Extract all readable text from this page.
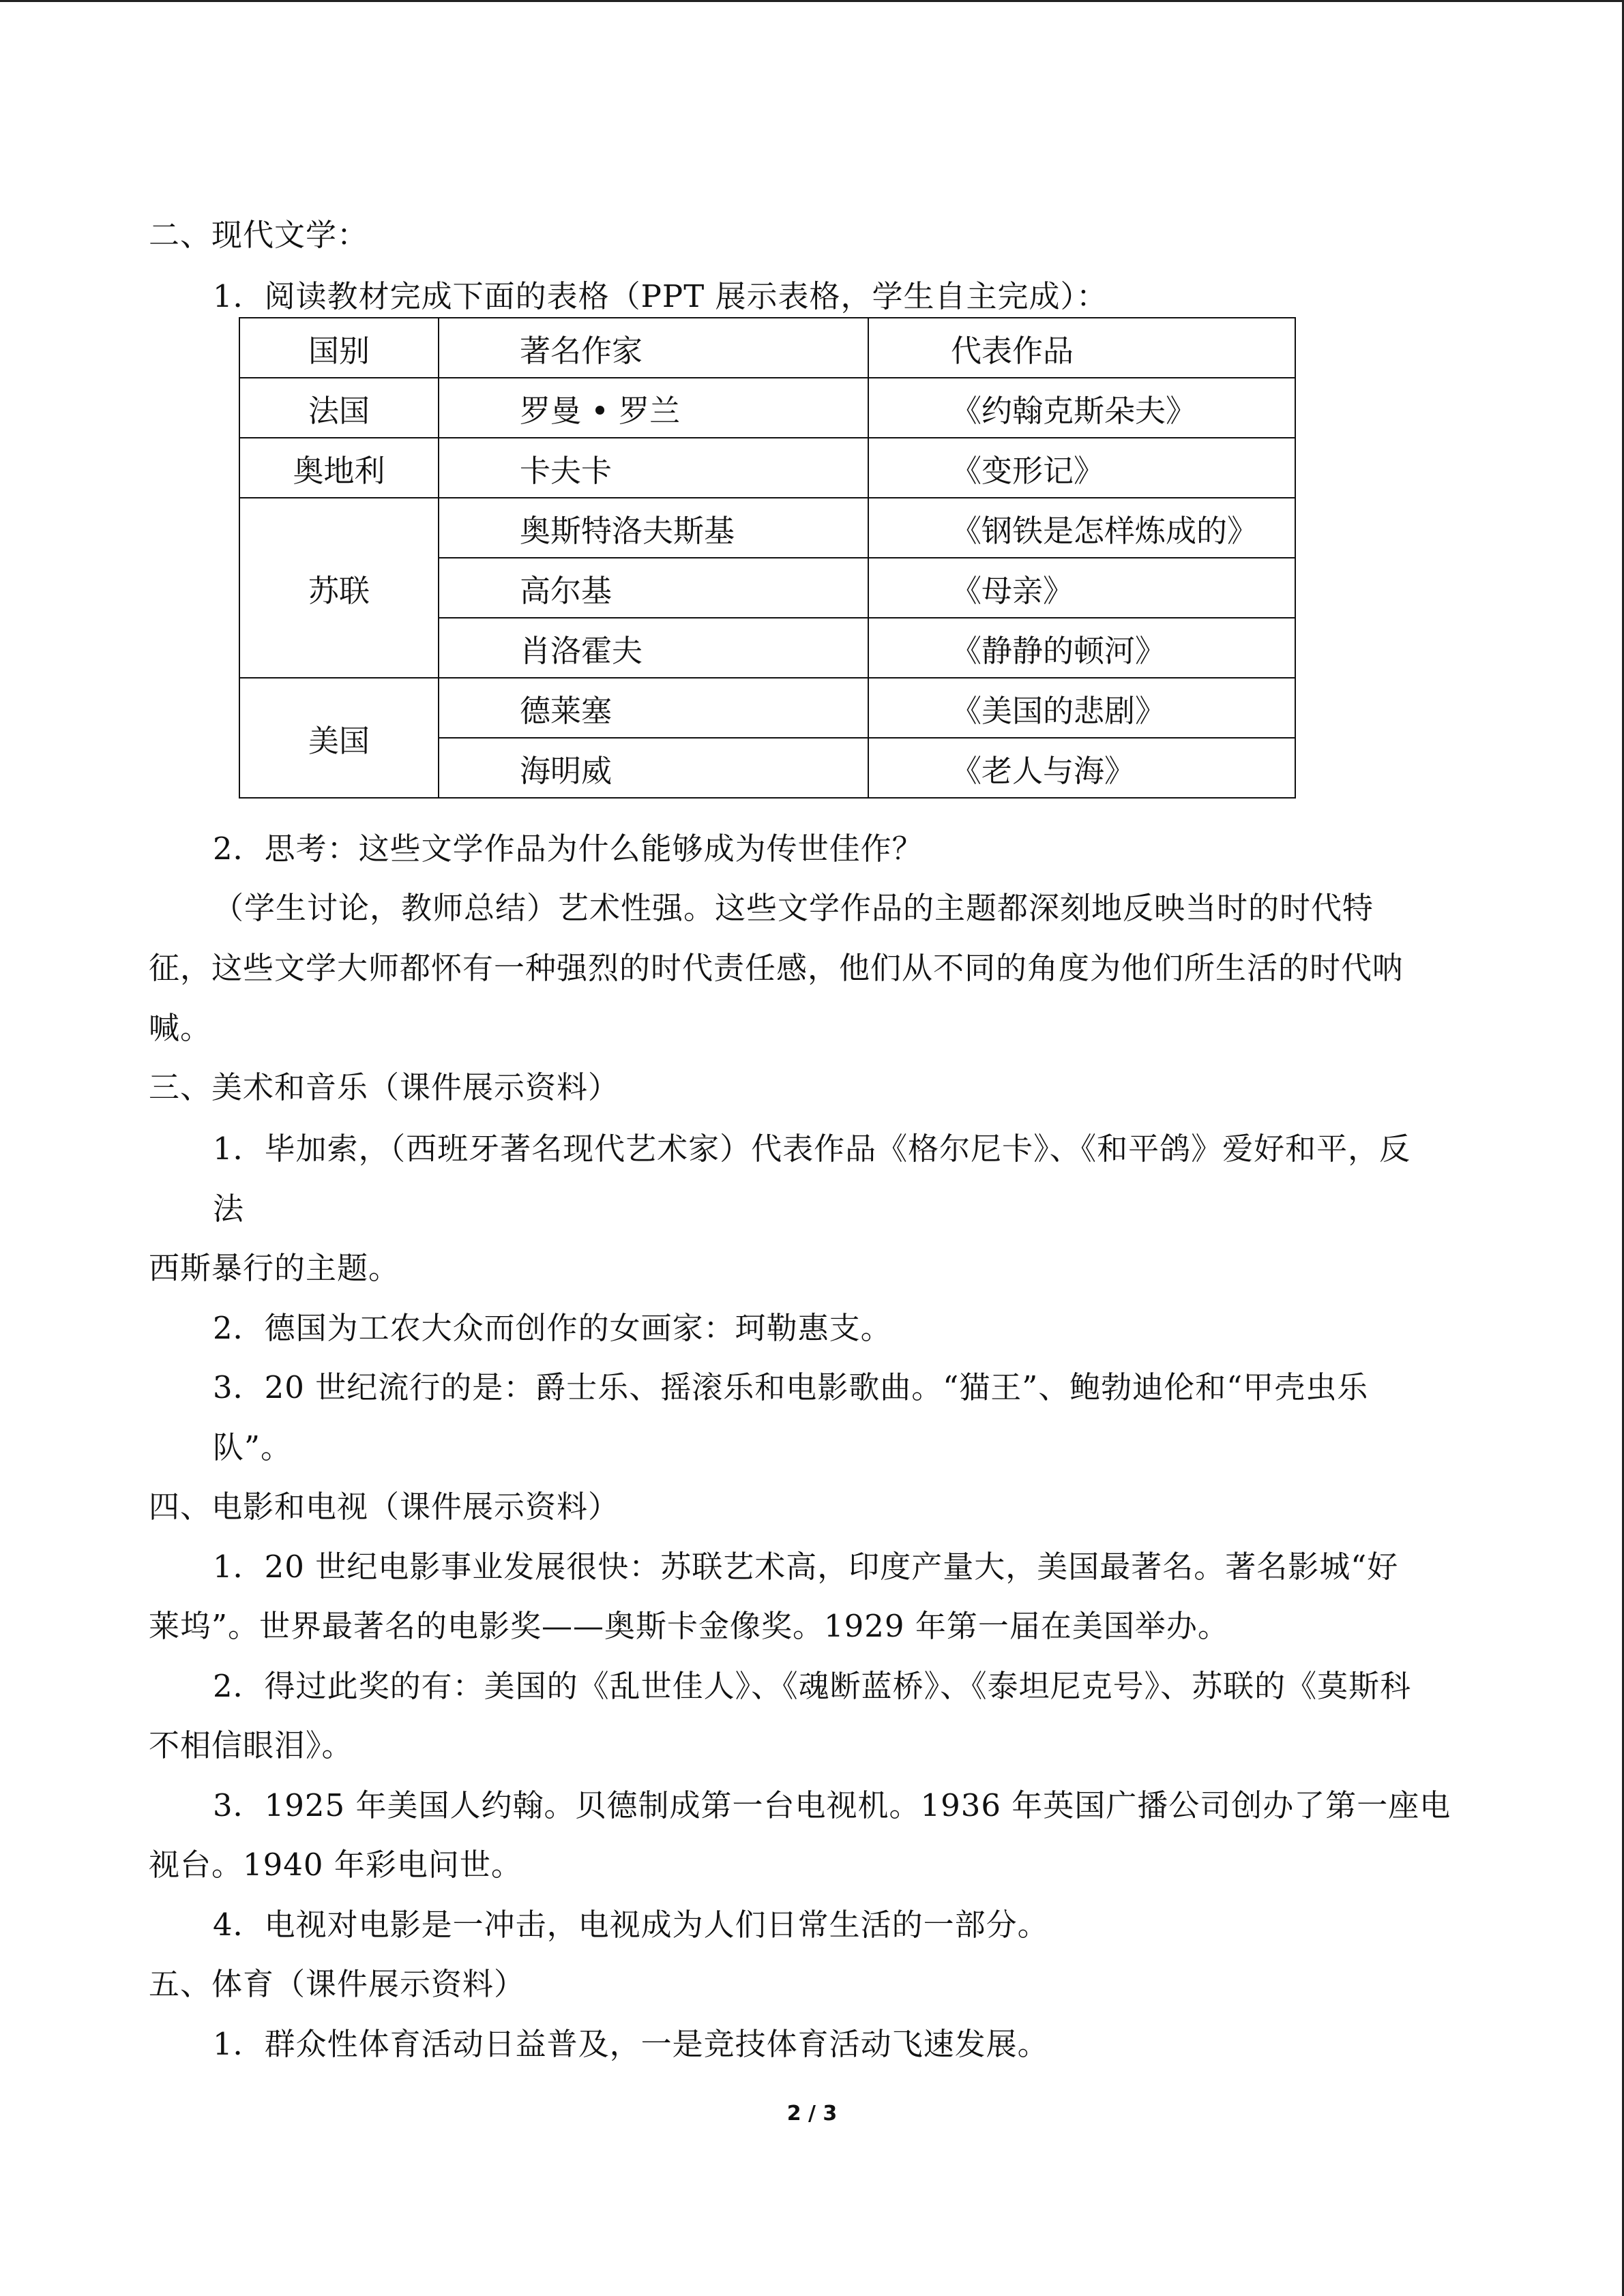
二、现代文学：
1．阅读教材完成下面的表格（PPT 展示表格，学生自主完成）：
国别	著名作家	代表作品
法国	罗曼 • 罗兰	《约翰克斯朵夫》
奥地利	卡夫卡	《变形记》
苏联	奥斯特洛夫斯基	《钢铁是怎样炼成的》
	高尔基	《母亲》
	肖洛霍夫	《静静的顿河》
美国	德莱塞	《美国的悲剧》
	海明威	《老人与海》
2．思考：这些文学作品为什么能够成为传世佳作？
（学生讨论，教师总结）艺术性强。这些文学作品的主题都深刻地反映当时的时代特
征，这些文学大师都怀有一种强烈的时代责任感，他们从不同的角度为他们所生活的时代呐
喊。
三、美术和音乐（课件展示资料）
1．毕加索，（西班牙著名现代艺术家）代表作品《格尔尼卡》、《和平鸽》爱好和平，反
法
西斯暴行的主题。
2．德国为工农大众而创作的女画家：珂勒惠支。
3．20 世纪流行的是：爵士乐、摇滚乐和电影歌曲。“猫王”、鲍勃迪伦和“甲壳虫乐
队”。
四、电影和电视（课件展示资料）
1．20 世纪电影事业发展很快：苏联艺术高，印度产量大，美国最著名。著名影城“好
莱坞”。世界最著名的电影奖——奥斯卡金像奖。1929 年第一届在美国举办。
2．得过此奖的有：美国的《乱世佳人》、《魂断蓝桥》、《泰坦尼克号》、苏联的《莫斯科
不相信眼泪》。
3．1925 年美国人约翰。贝德制成第一台电视机。1936 年英国广播公司创办了第一座电
视台。1940 年彩电问世。
4．电视对电影是一冲击，电视成为人们日常生活的一部分。
五、体育（课件展示资料）
1．群众性体育活动日益普及，一是竞技体育活动飞速发展。
2 / 3
